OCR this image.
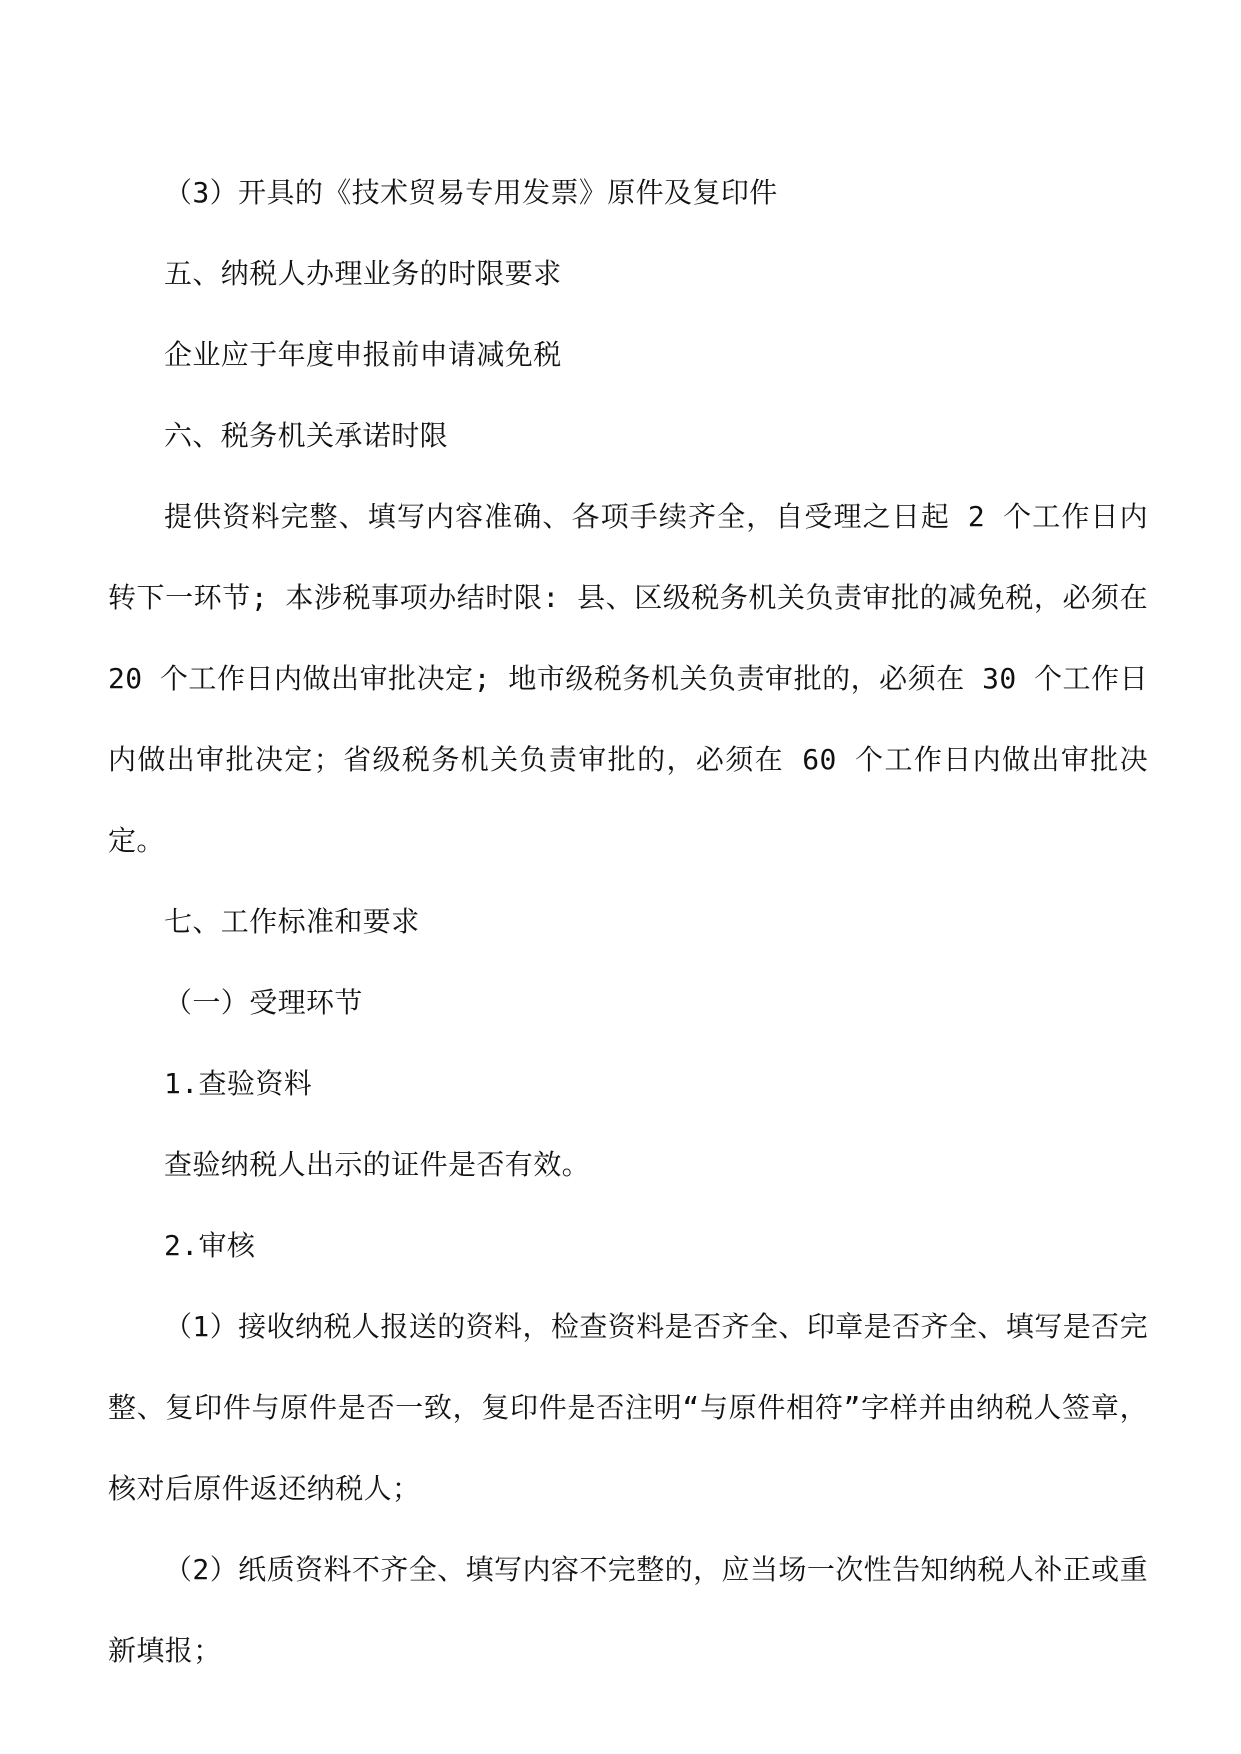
（3）开具的《技术贸易专用发票》原件及复印件

五、纳税人办理业务的时限要求

企业应于年度申报前申请减免税

六、税务机关承诺时限

提供资料完整、填写内容准确、各项手续齐全，自受理之日起 2 个工作日内转下一环节; 本涉税事项办结时限: 县、区级税务机关负责审批的减免税，必须在 20 个工作日内做出审批决定; 地市级税务机关负责审批的，必须在 30 个工作日内做出审批决定；省级税务机关负责审批的，必须在 60 个工作日内做出审批决定。

七、工作标准和要求

（一）受理环节

1.查验资料

查验纳税人出示的证件是否有效。

2.审核

（1）接收纳税人报送的资料，检查资料是否齐全、印章是否齐全、填写是否完整、复印件与原件是否一致，复印件是否注明“与原件相符”字样并由纳税人签章，核对后原件返还纳税人；

（2）纸质资料不齐全、填写内容不完整的，应当场一次性告知纳税人补正或重新填报；
